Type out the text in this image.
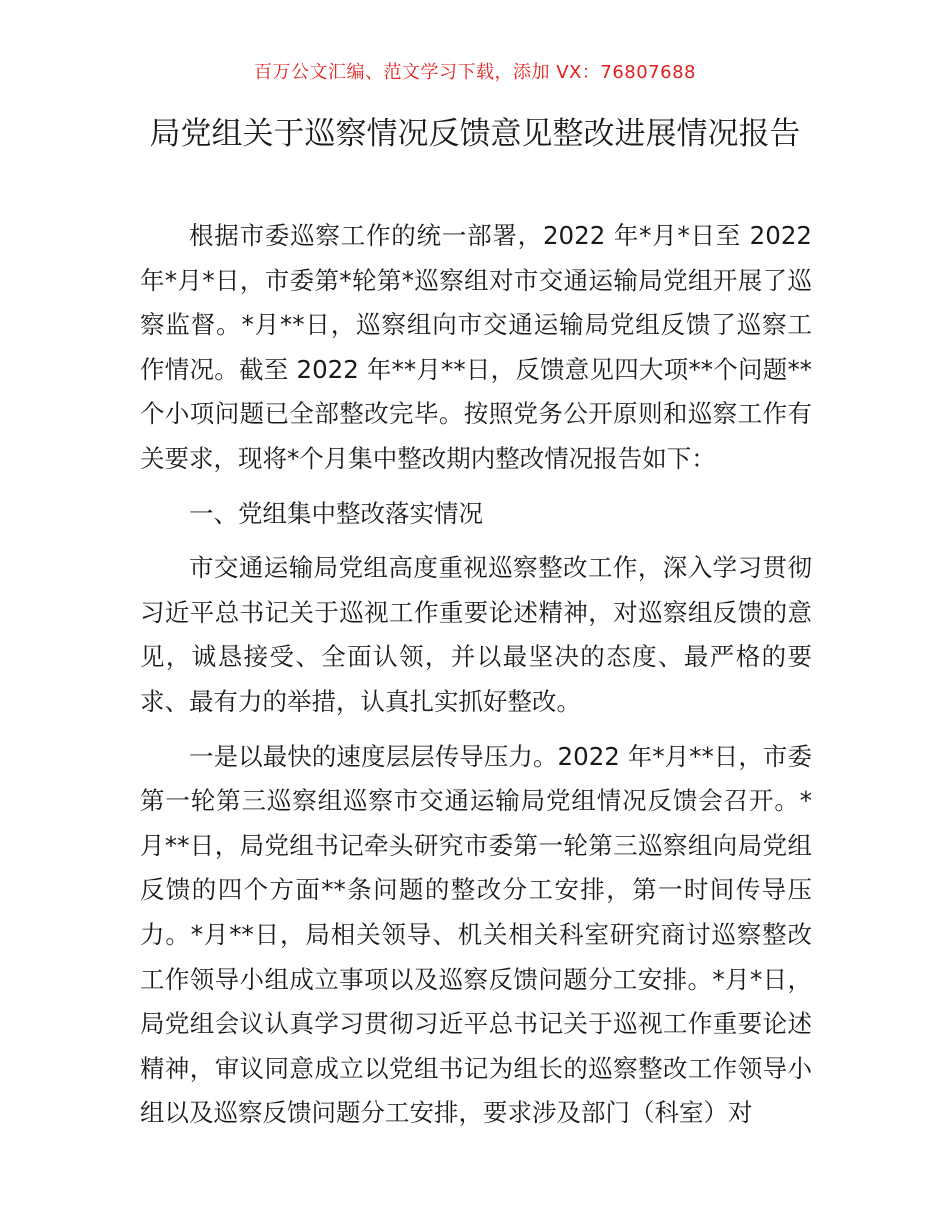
百万公文汇编、范文学习下载，添加 VX：76807688
局党组关于巡察情况反馈意见整改进展情况报告

根据市委巡察工作的统一部署，2022 年*月*日至 2022 年*月*日，市委第*轮第*巡察组对市交通运输局党组开展了巡察监督。*月**日，巡察组向市交通运输局党组反馈了巡察工作情况。截至 2022 年**月**日，反馈意见四大项**个问题**个小项问题已全部整改完毕。按照党务公开原则和巡察工作有关要求，现将*个月集中整改期内整改情况报告如下：

一、党组集中整改落实情况

市交通运输局党组高度重视巡察整改工作，深入学习贯彻习近平总书记关于巡视工作重要论述精神，对巡察组反馈的意见，诚恳接受、全面认领，并以最坚决的态度、最严格的要求、最有力的举措，认真扎实抓好整改。

一是以最快的速度层层传导压力。2022 年*月**日，市委第一轮第三巡察组巡察市交通运输局党组情况反馈会召开。*月**日，局党组书记牵头研究市委第一轮第三巡察组向局党组反馈的四个方面**条问题的整改分工安排，第一时间传导压力。*月**日，局相关领导、机关相关科室研究商讨巡察整改工作领导小组成立事项以及巡察反馈问题分工安排。*月*日，局党组会议认真学习贯彻习近平总书记关于巡视工作重要论述精神，审议同意成立以党组书记为组长的巡察整改工作领导小组以及巡察反馈问题分工安排，要求涉及部门（科室）对
